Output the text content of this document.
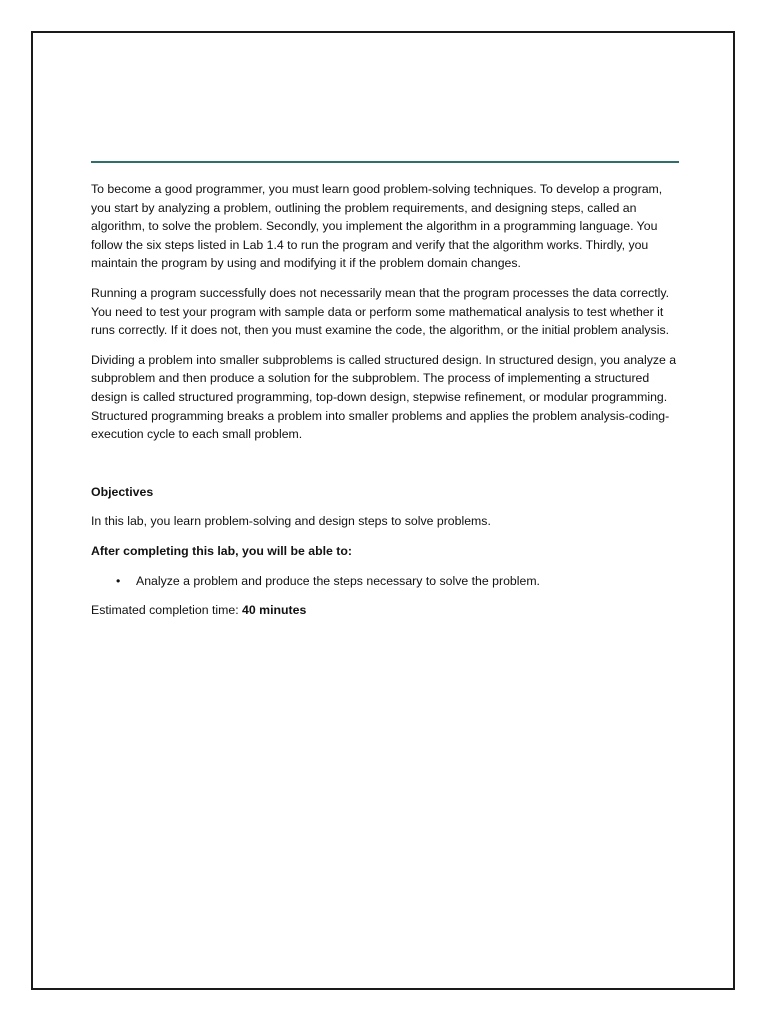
To become a good programmer, you must learn good problem-solving techniques. To develop a program, you start by analyzing a problem, outlining the problem requirements, and designing steps, called an algorithm, to solve the problem. Secondly, you implement the algorithm in a programming language. You follow the six steps listed in Lab 1.4 to run the program and verify that the algorithm works. Thirdly, you maintain the program by using and modifying it if the problem domain changes.

Running a program successfully does not necessarily mean that the program processes the data correctly. You need to test your program with sample data or perform some mathematical analysis to test whether it runs correctly. If it does not, then you must examine the code, the algorithm, or the initial problem analysis.

Dividing a problem into smaller subproblems is called structured design. In structured design, you analyze a subproblem and then produce a solution for the subproblem. The process of implementing a structured design is called structured programming, top-down design, stepwise refinement, or modular programming. Structured programming breaks a problem into smaller problems and applies the problem analysis-coding-execution cycle to each small problem.

Objectives

In this lab, you learn problem-solving and design steps to solve problems.

After completing this lab, you will be able to:

• Analyze a problem and produce the steps necessary to solve the problem.

Estimated completion time: 40 minutes
